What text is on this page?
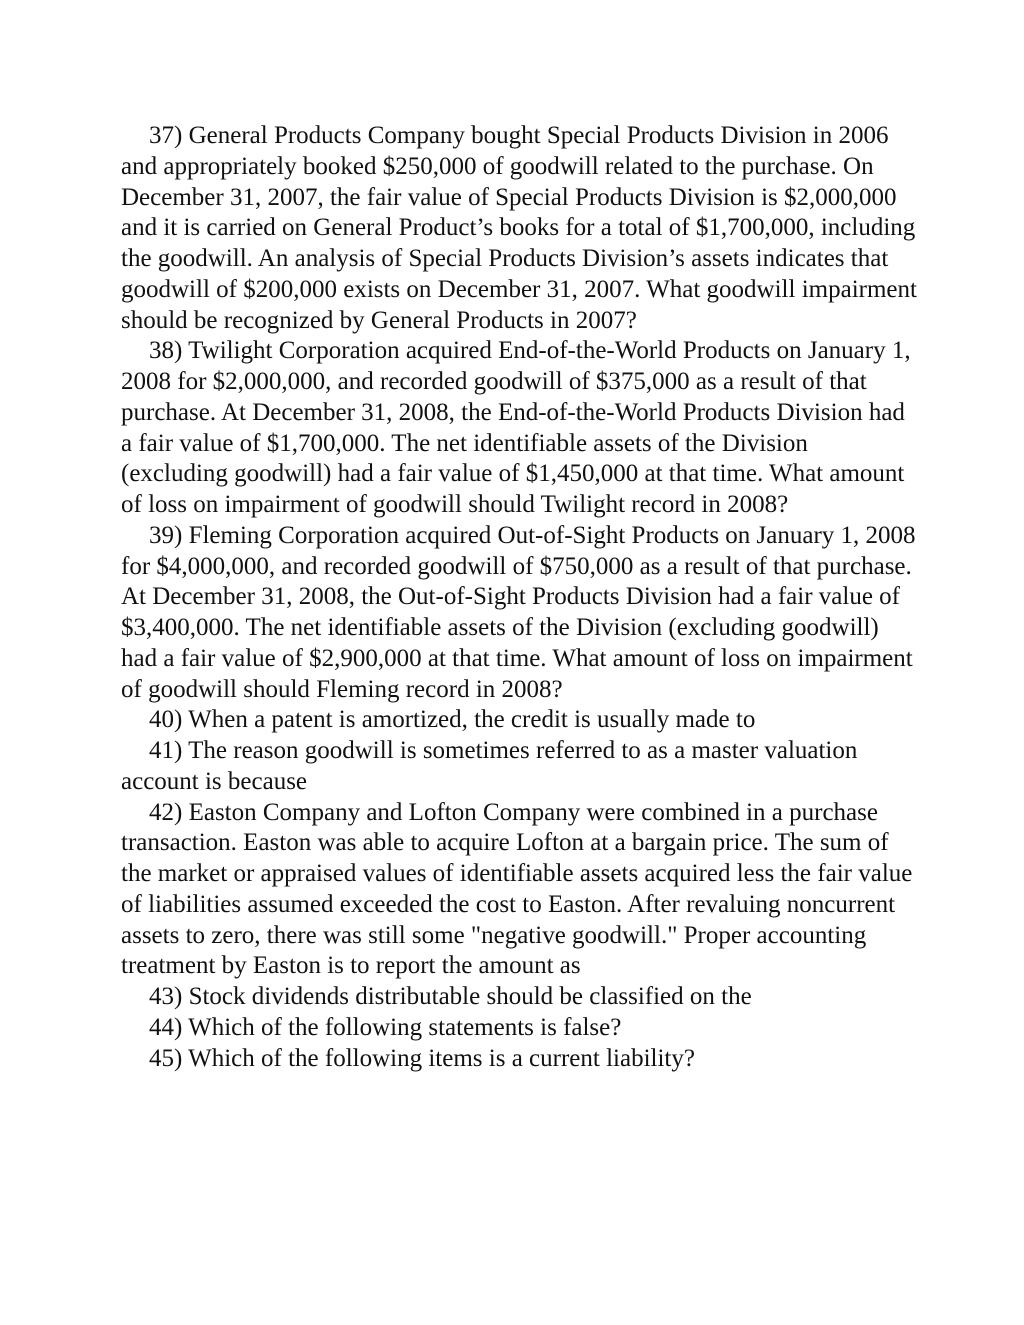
37) General Products Company bought Special Products Division in 2006 and appropriately booked $250,000 of goodwill related to the purchase. On December 31, 2007, the fair value of Special Products Division is $2,000,000 and it is carried on General Product’s books for a total of $1,700,000, including the goodwill. An analysis of Special Products Division’s assets indicates that goodwill of $200,000 exists on December 31, 2007. What goodwill impairment should be recognized by General Products in 2007?

38) Twilight Corporation acquired End-of-the-World Products on January 1, 2008 for $2,000,000, and recorded goodwill of $375,000 as a result of that purchase. At December 31, 2008, the End-of-the-World Products Division had a fair value of $1,700,000. The net identifiable assets of the Division (excluding goodwill) had a fair value of $1,450,000 at that time. What amount of loss on impairment of goodwill should Twilight record in 2008?

39) Fleming Corporation acquired Out-of-Sight Products on January 1, 2008 for $4,000,000, and recorded goodwill of $750,000 as a result of that purchase. At December 31, 2008, the Out-of-Sight Products Division had a fair value of $3,400,000. The net identifiable assets of the Division (excluding goodwill) had a fair value of $2,900,000 at that time. What amount of loss on impairment of goodwill should Fleming record in 2008?

40) When a patent is amortized, the credit is usually made to

41) The reason goodwill is sometimes referred to as a master valuation account is because

42) Easton Company and Lofton Company were combined in a purchase transaction. Easton was able to acquire Lofton at a bargain price. The sum of the market or appraised values of identifiable assets acquired less the fair value of liabilities assumed exceeded the cost to Easton. After revaluing noncurrent assets to zero, there was still some "negative goodwill." Proper accounting treatment by Easton is to report the amount as

43) Stock dividends distributable should be classified on the

44) Which of the following statements is false?

45) Which of the following items is a current liability?
